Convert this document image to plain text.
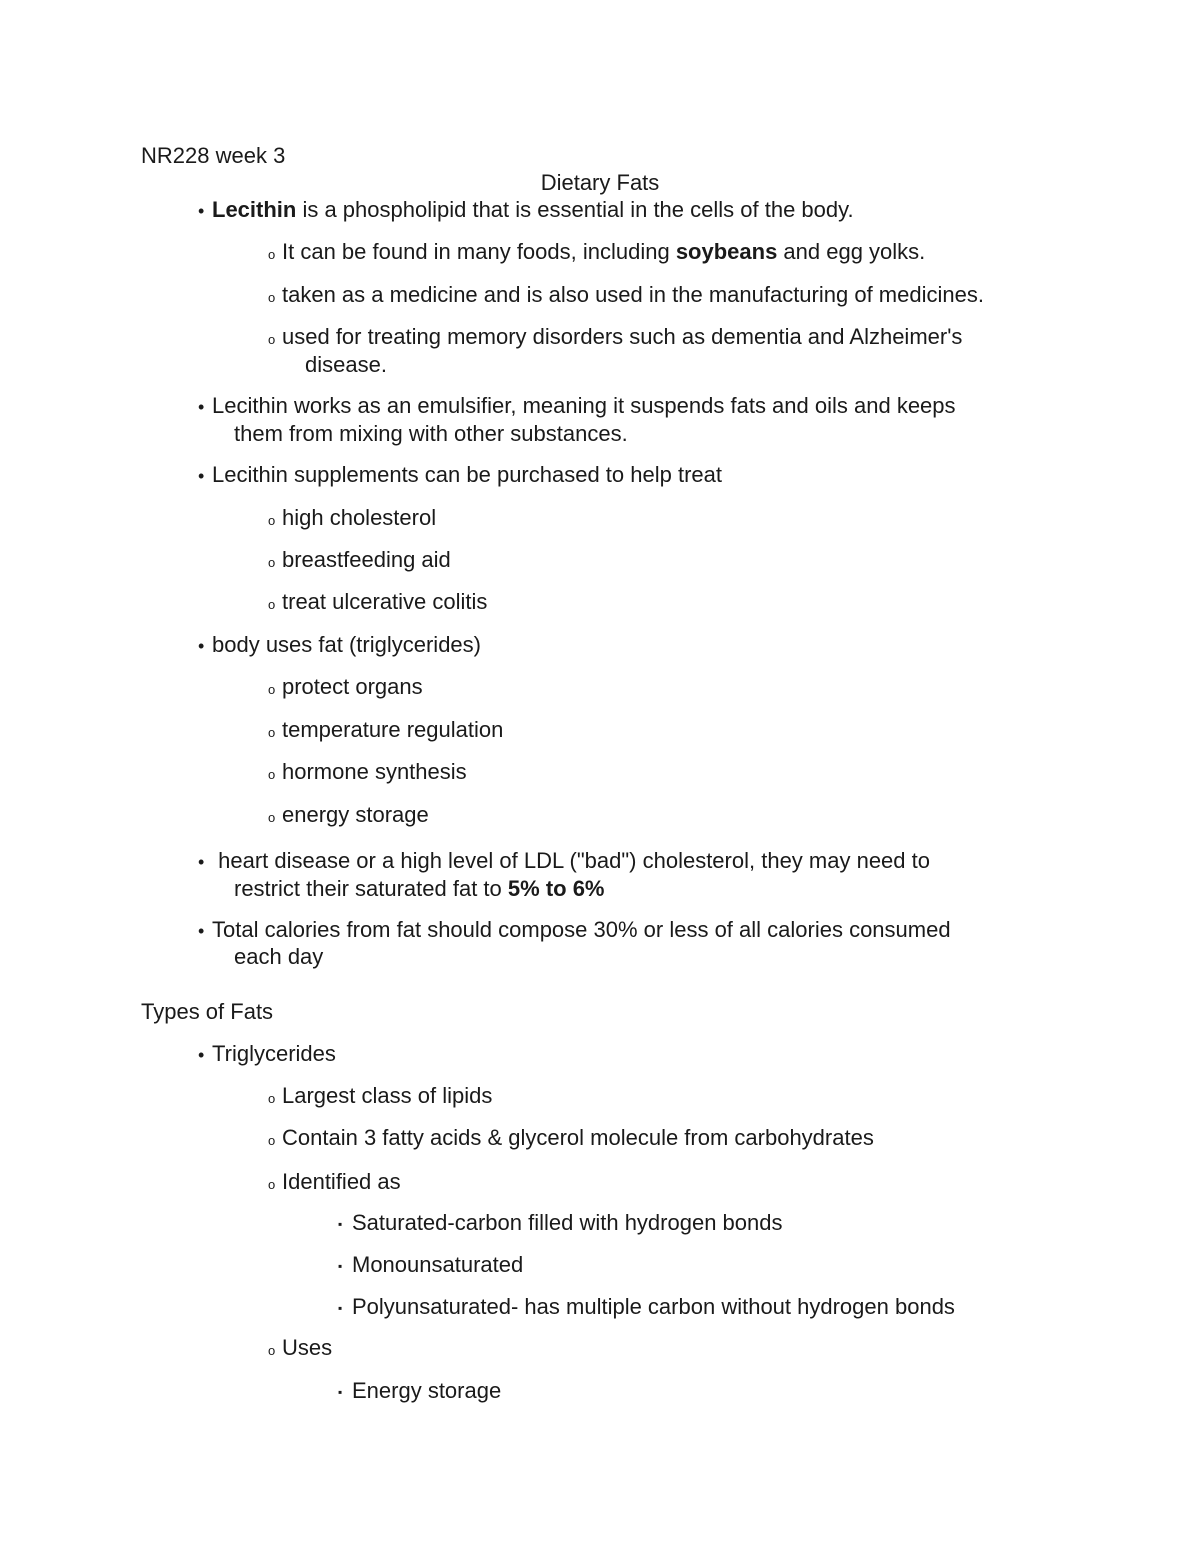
NR228 week 3
Dietary Fats
• Lecithin is a phospholipid that is essential in the cells of the body.
o It can be found in many foods, including soybeans and egg yolks.
o taken as a medicine and is also used in the manufacturing of medicines.
o used for treating memory disorders such as dementia and Alzheimer's
disease.
• Lecithin works as an emulsifier, meaning it suspends fats and oils and keeps
them from mixing with other substances.
• Lecithin supplements can be purchased to help treat
o high cholesterol
o breastfeeding aid
o treat ulcerative colitis
• body uses fat (triglycerides)
o protect organs
o temperature regulation
o hormone synthesis
o energy storage
• heart disease or a high level of LDL ("bad") cholesterol, they may need to
restrict their saturated fat to 5% to 6%
• Total calories from fat should compose 30% or less of all calories consumed
each day
Types of Fats
• Triglycerides
o Largest class of lipids
o Contain 3 fatty acids & glycerol molecule from carbohydrates
o Identified as
▪ Saturated-carbon filled with hydrogen bonds
▪ Monounsaturated
▪ Polyunsaturated- has multiple carbon without hydrogen bonds
o Uses
▪ Energy storage
